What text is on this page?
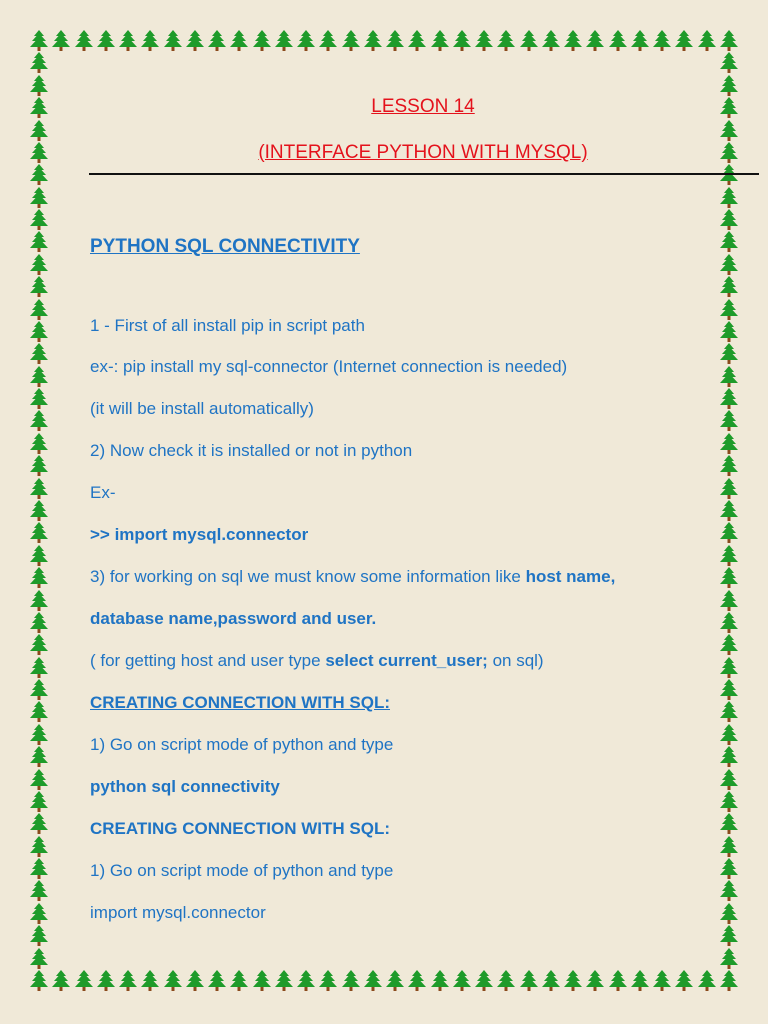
LESSON 14
(INTERFACE PYTHON WITH MYSQL)
PYTHON SQL CONNECTIVITY
1 - First of all install pip in script path
ex-: pip install my sql-connector (Internet connection is needed)
(it will be install automatically)
2) Now check it is installed or not in python
Ex-
>> import mysql.connector
3) for working on sql we must know some information like host name,
database name,password and user.
( for getting host and user type select current_user; on sql)
CREATING CONNECTION WITH SQL:
1) Go on script mode of python and type
python sql connectivity
CREATING CONNECTION WITH SQL:
1) Go on script mode of python and type
import mysql.connector
